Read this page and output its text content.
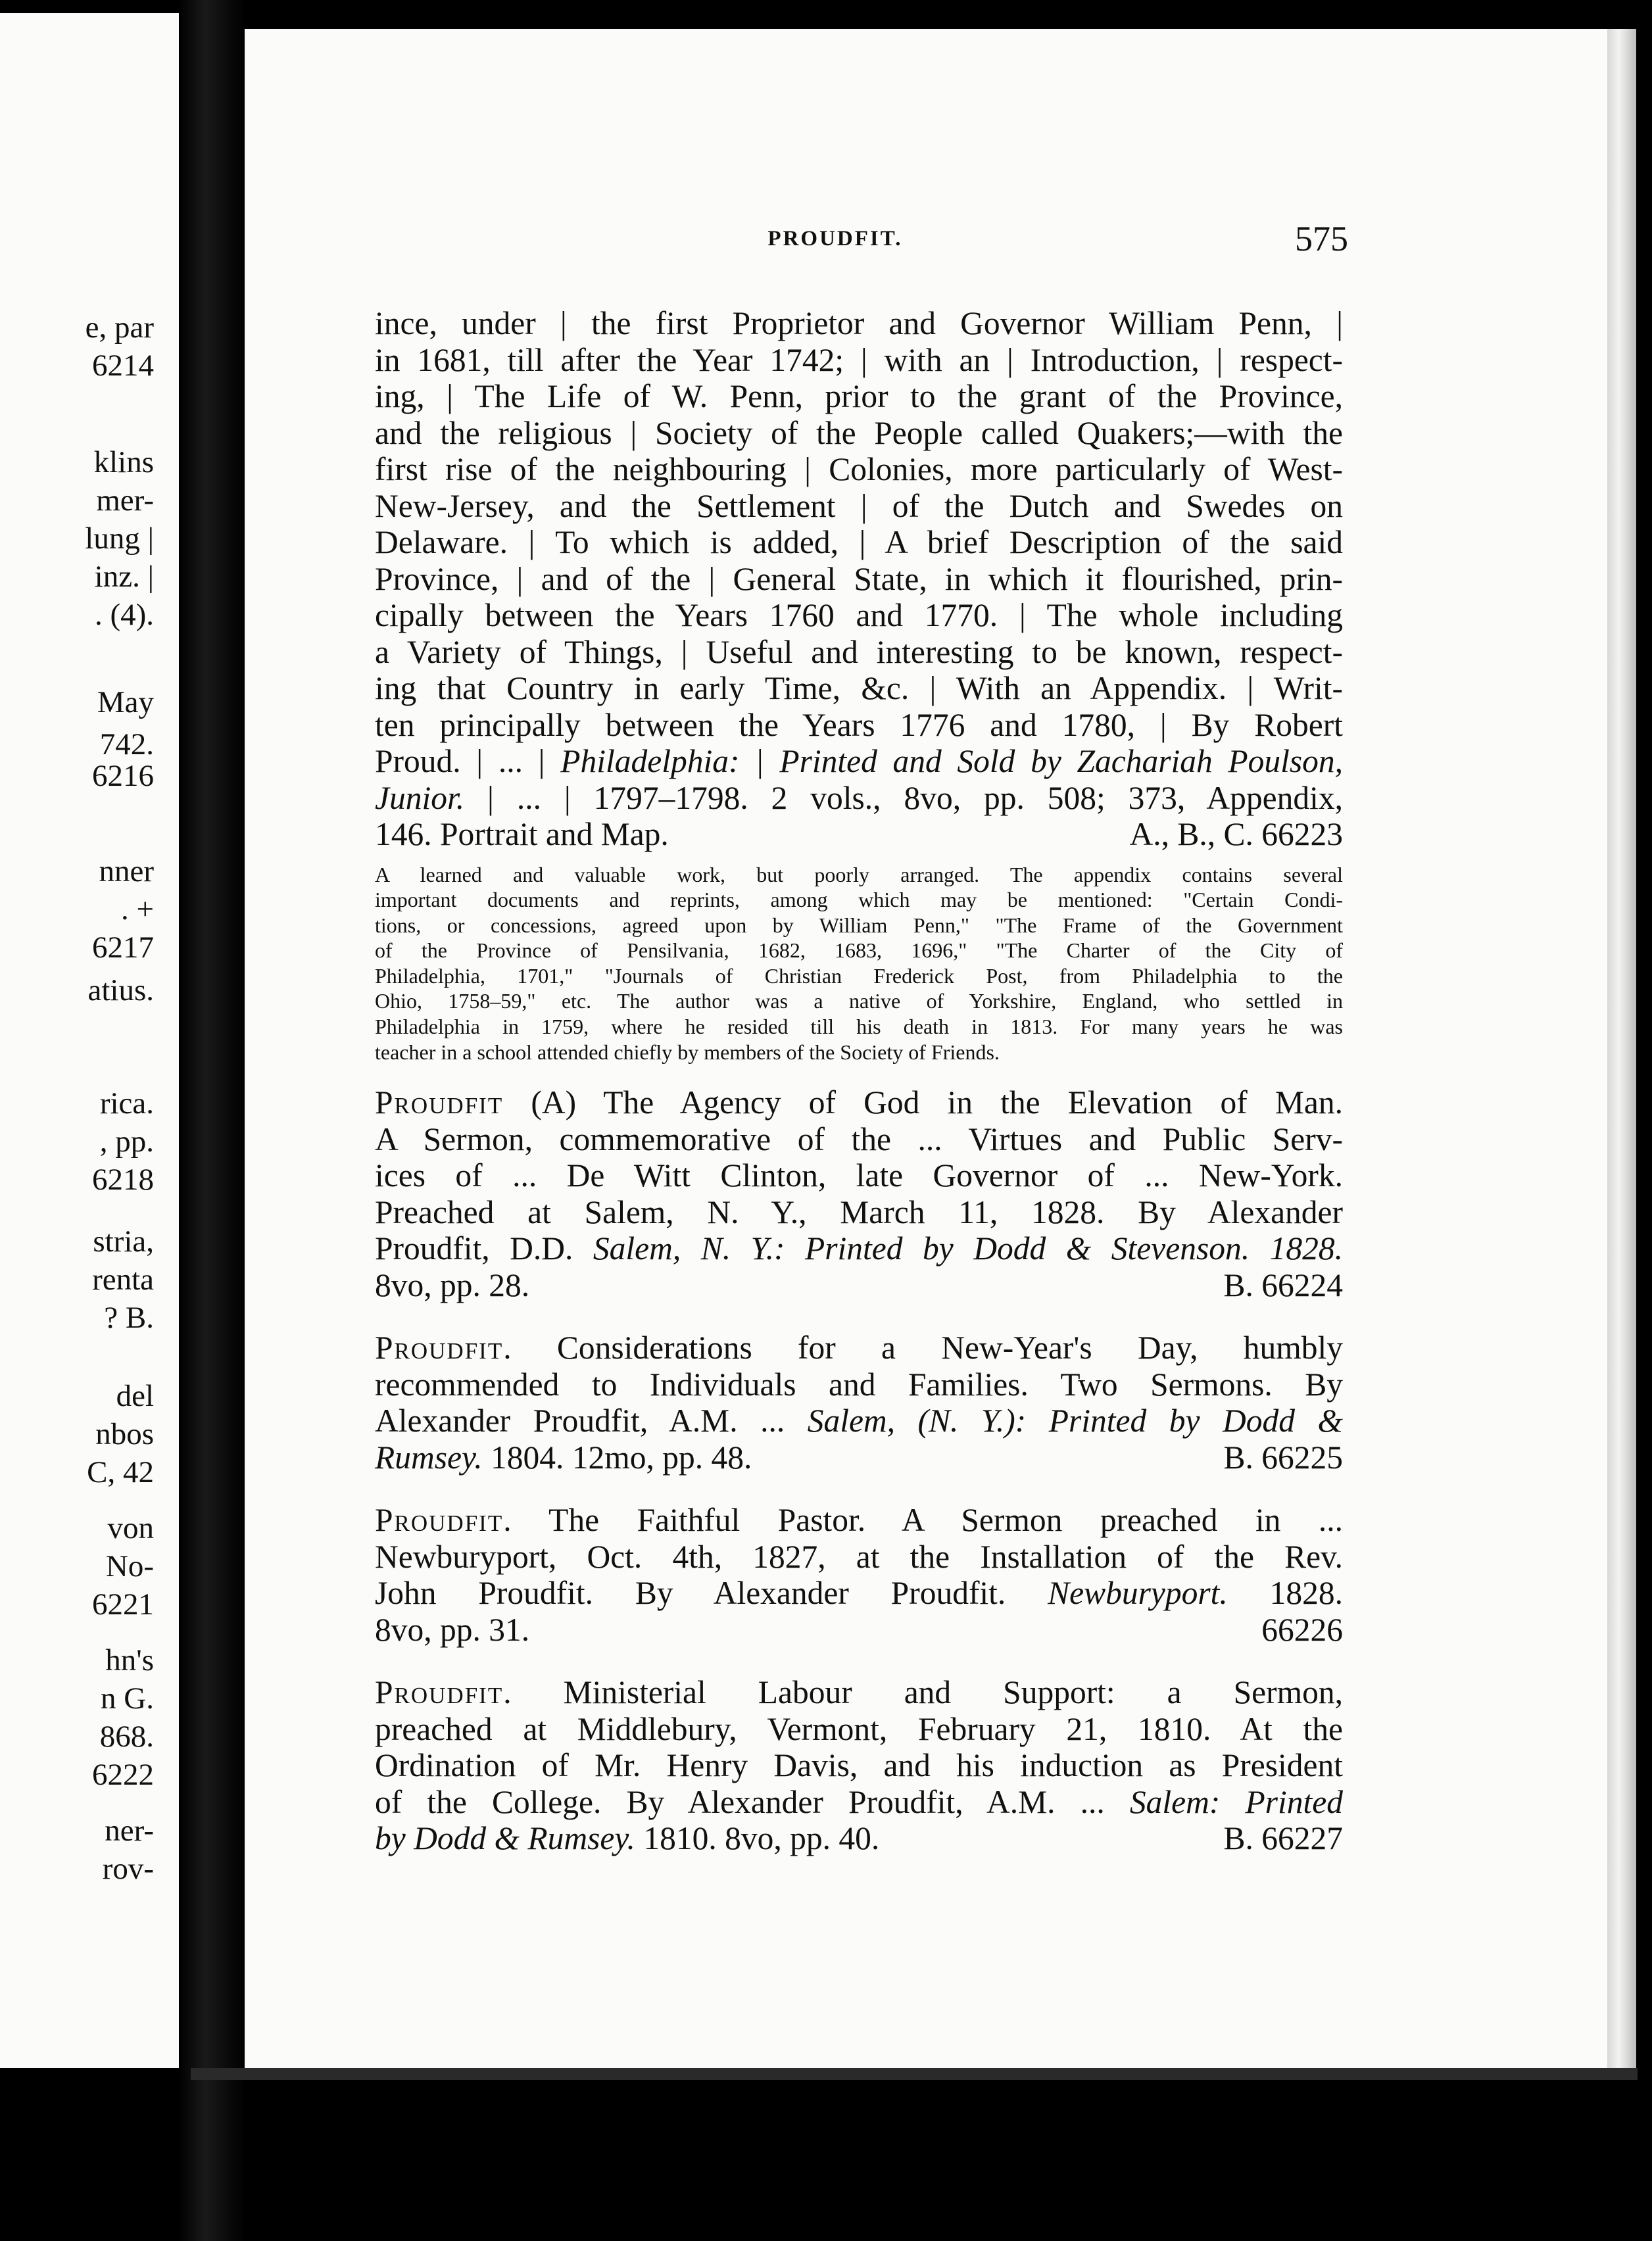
e, par
6214
klins
mer-
lung |
inz. |
. (4).
May
742.
6216
nner
. +
6217
atius.
rica.
, pp.
6218
stria,
renta
? B.
del
nbos
C, 42
von
No-
6221
hn's
n G.
868.
6222
ner-
rov-
PROUDFIT.	575
ince, under | the first Proprietor and Governor William Penn, |
in 1681, till after the Year 1742; | with an | Introduction, | respect-
ing, | The Life of W. Penn, prior to the grant of the Province,
and the religious | Society of the People called Quakers;—with the
first rise of the neighbouring | Colonies, more particularly of West-
New-Jersey, and the Settlement | of the Dutch and Swedes on
Delaware. | To which is added, | A brief Description of the said
Province, | and of the | General State, in which it flourished, prin-
cipally between the Years 1760 and 1770. | The whole including
a Variety of Things, | Useful and interesting to be known, respect-
ing that Country in early Time, &c. | With an Appendix. | Writ-
ten principally between the Years 1776 and 1780, | By Robert
Proud. | ... | Philadelphia: | Printed and Sold by Zachariah Poulson,
Junior. | ... | 1797–1798. 2 vols., 8vo, pp. 508; 373, Appendix,
146. Portrait and Map.	A., B., C. 66223
A learned and valuable work, but poorly arranged. The appendix contains several
important documents and reprints, among which may be mentioned: "Certain Condi-
tions, or concessions, agreed upon by William Penn," "The Frame of the Government
of the Province of Pensilvania, 1682, 1683, 1696," "The Charter of the City of
Philadelphia, 1701," "Journals of Christian Frederick Post, from Philadelphia to the
Ohio, 1758–59," etc. The author was a native of Yorkshire, England, who settled in
Philadelphia in 1759, where he resided till his death in 1813. For many years he was
teacher in a school attended chiefly by members of the Society of Friends.
Proudfit (A) The Agency of God in the Elevation of Man.
A Sermon, commemorative of the ... Virtues and Public Serv-
ices of ... De Witt Clinton, late Governor of ... New-York.
Preached at Salem, N. Y., March 11, 1828. By Alexander
Proudfit, D.D. Salem, N. Y.: Printed by Dodd & Stevenson. 1828.
8vo, pp. 28.	B. 66224
Proudfit. Considerations for a New-Year's Day, humbly
recommended to Individuals and Families. Two Sermons. By
Alexander Proudfit, A.M. ... Salem, (N. Y.): Printed by Dodd &
Rumsey. 1804. 12mo, pp. 48.	B. 66225
Proudfit. The Faithful Pastor. A Sermon preached in ...
Newburyport, Oct. 4th, 1827, at the Installation of the Rev.
John Proudfit. By Alexander Proudfit. Newburyport. 1828.
8vo, pp. 31.	66226
Proudfit. Ministerial Labour and Support: a Sermon,
preached at Middlebury, Vermont, February 21, 1810. At the
Ordination of Mr. Henry Davis, and his induction as President
of the College. By Alexander Proudfit, A.M. ... Salem: Printed
by Dodd & Rumsey. 1810. 8vo, pp. 40.	B. 66227
